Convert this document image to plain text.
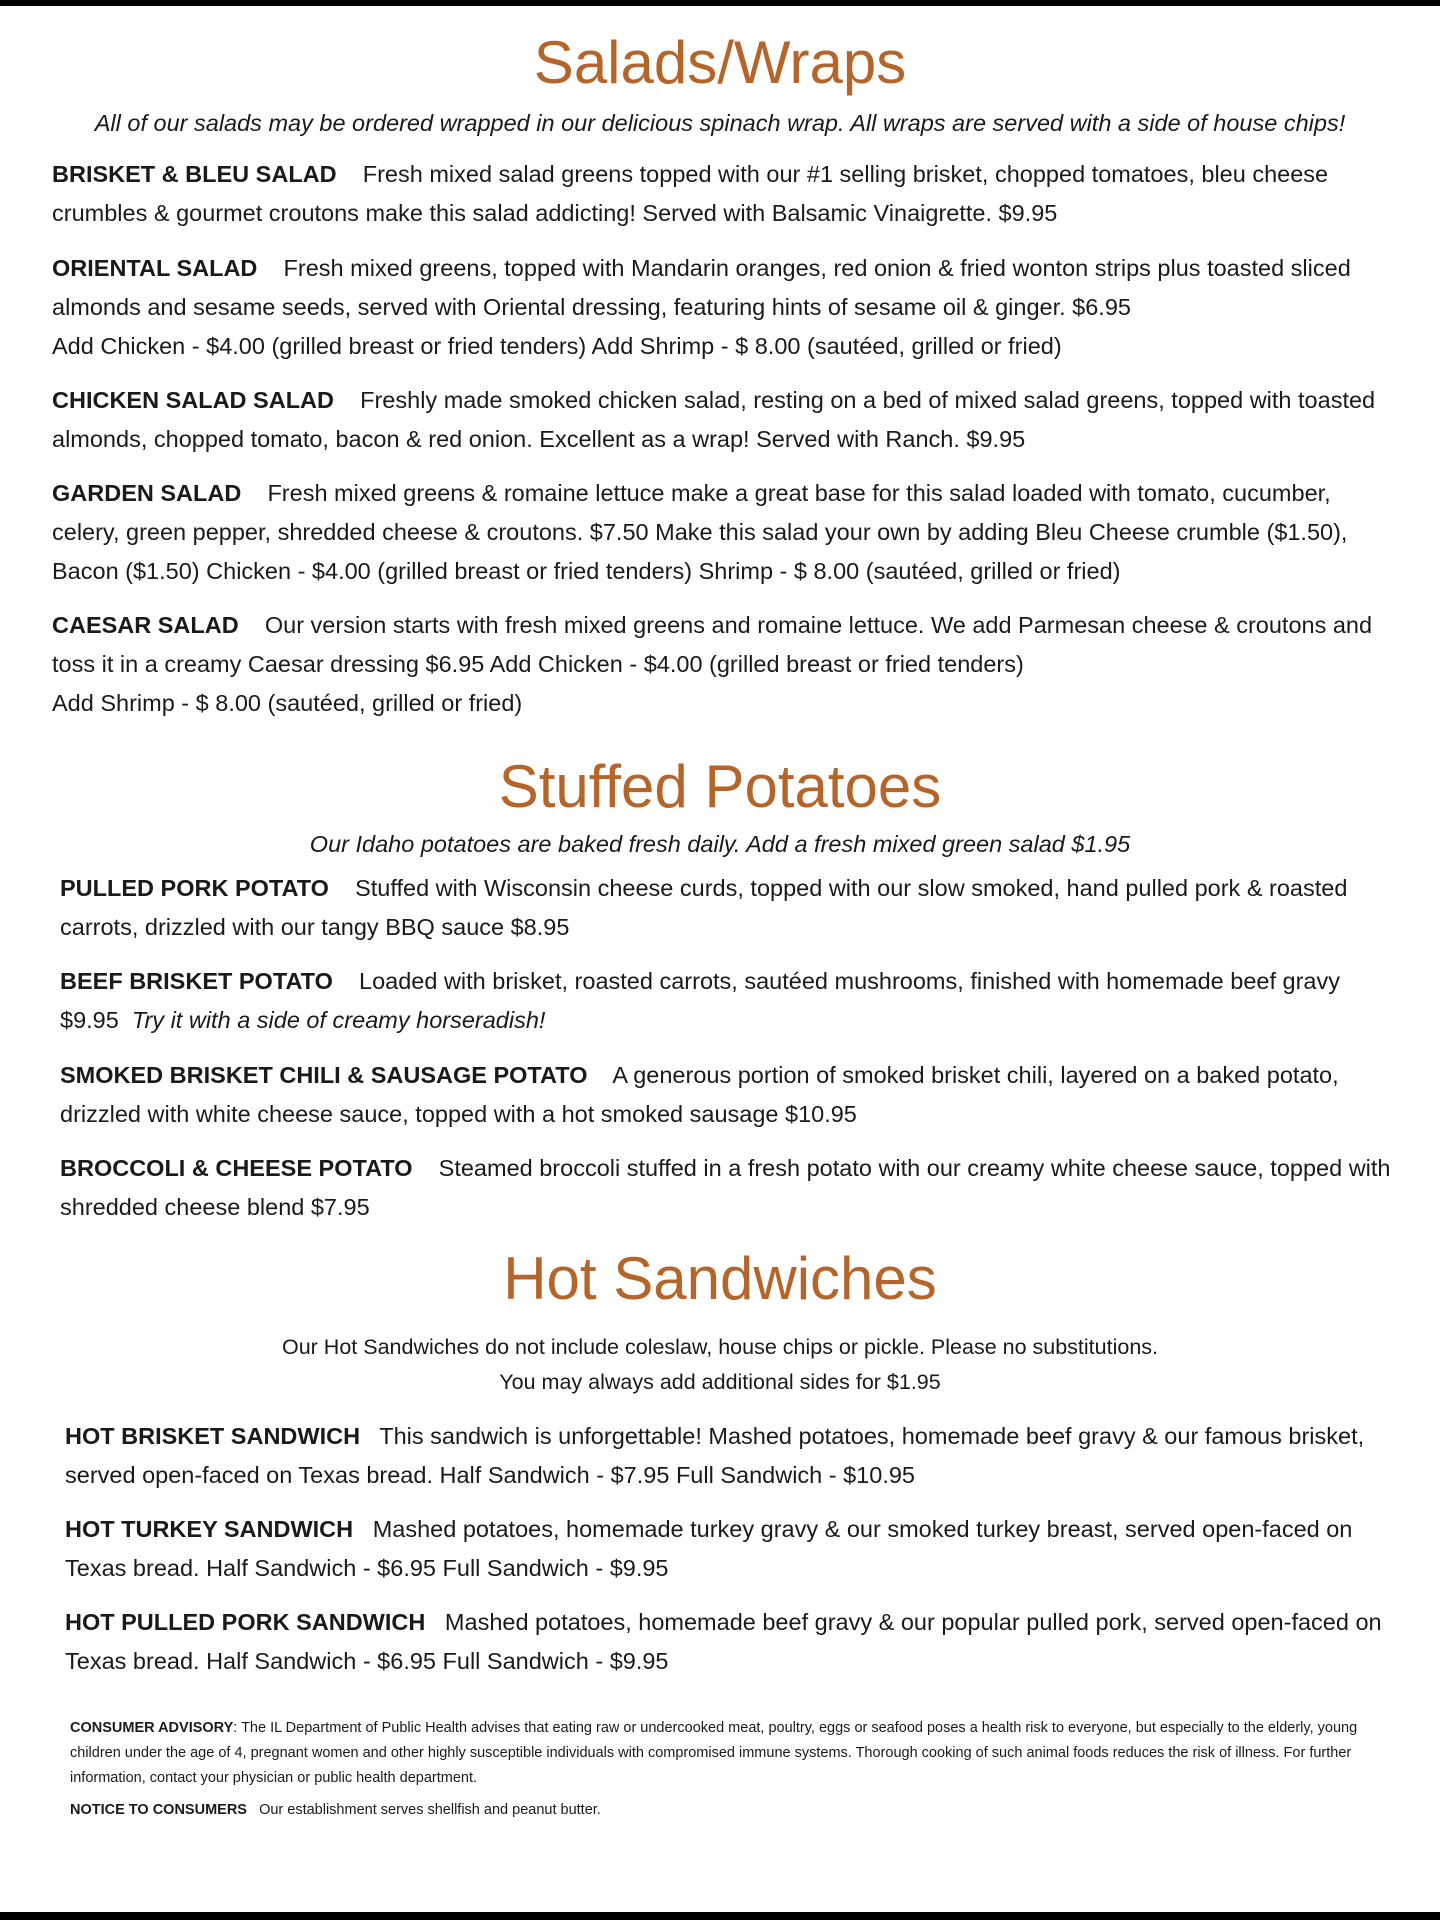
Salads/Wraps

All of our salads may be ordered wrapped in our delicious spinach wrap. All wraps are served with a side of house chips!

BRISKET & BLEU SALAD Fresh mixed salad greens topped with our #1 selling brisket, chopped tomatoes, bleu cheese crumbles & gourmet croutons make this salad addicting! Served with Balsamic Vinaigrette. $9.95

ORIENTAL SALAD Fresh mixed greens, topped with Mandarin oranges, red onion & fried wonton strips plus toasted sliced almonds and sesame seeds, served with Oriental dressing, featuring hints of sesame oil & ginger. $6.95
Add Chicken - $4.00 (grilled breast or fried tenders) Add Shrimp - $ 8.00 (sautéed, grilled or fried)

CHICKEN SALAD SALAD Freshly made smoked chicken salad, resting on a bed of mixed salad greens, topped with toasted almonds, chopped tomato, bacon & red onion. Excellent as a wrap! Served with Ranch. $9.95

GARDEN SALAD Fresh mixed greens & romaine lettuce make a great base for this salad loaded with tomato, cucumber, celery, green pepper, shredded cheese & croutons. $7.50 Make this salad your own by adding Bleu Cheese crumble ($1.50), Bacon ($1.50) Chicken - $4.00 (grilled breast or fried tenders) Shrimp - $ 8.00 (sautéed, grilled or fried)

CAESAR SALAD Our version starts with fresh mixed greens and romaine lettuce. We add Parmesan cheese & croutons and toss it in a creamy Caesar dressing $6.95 Add Chicken - $4.00 (grilled breast or fried tenders)
Add Shrimp - $ 8.00 (sautéed, grilled or fried)

Stuffed Potatoes

Our Idaho potatoes are baked fresh daily. Add a fresh mixed green salad $1.95

PULLED PORK POTATO Stuffed with Wisconsin cheese curds, topped with our slow smoked, hand pulled pork & roasted carrots, drizzled with our tangy BBQ sauce $8.95

BEEF BRISKET POTATO Loaded with brisket, roasted carrots, sautéed mushrooms, finished with homemade beef gravy $9.95 Try it with a side of creamy horseradish!

SMOKED BRISKET CHILI & SAUSAGE POTATO A generous portion of smoked brisket chili, layered on a baked potato, drizzled with white cheese sauce, topped with a hot smoked sausage $10.95

BROCCOLI & CHEESE POTATO Steamed broccoli stuffed in a fresh potato with our creamy white cheese sauce, topped with shredded cheese blend $7.95

Hot Sandwiches

Our Hot Sandwiches do not include coleslaw, house chips or pickle. Please no substitutions.

You may always add additional sides for $1.95

HOT BRISKET SANDWICH This sandwich is unforgettable! Mashed potatoes, homemade beef gravy & our famous brisket, served open-faced on Texas bread. Half Sandwich - $7.95 Full Sandwich - $10.95

HOT TURKEY SANDWICH Mashed potatoes, homemade turkey gravy & our smoked turkey breast, served open-faced on Texas bread. Half Sandwich - $6.95 Full Sandwich - $9.95

HOT PULLED PORK SANDWICH Mashed potatoes, homemade beef gravy & our popular pulled pork, served open-faced on Texas bread. Half Sandwich - $6.95 Full Sandwich - $9.95

CONSUMER ADVISORY: The IL Department of Public Health advises that eating raw or undercooked meat, poultry, eggs or seafood poses a health risk to everyone, but especially to the elderly, young children under the age of 4, pregnant women and other highly susceptible individuals with compromised immune systems. Thorough cooking of such animal foods reduces the risk of illness. For further information, contact your physician or public health department.

NOTICE TO CONSUMERS Our establishment serves shellfish and peanut butter.
